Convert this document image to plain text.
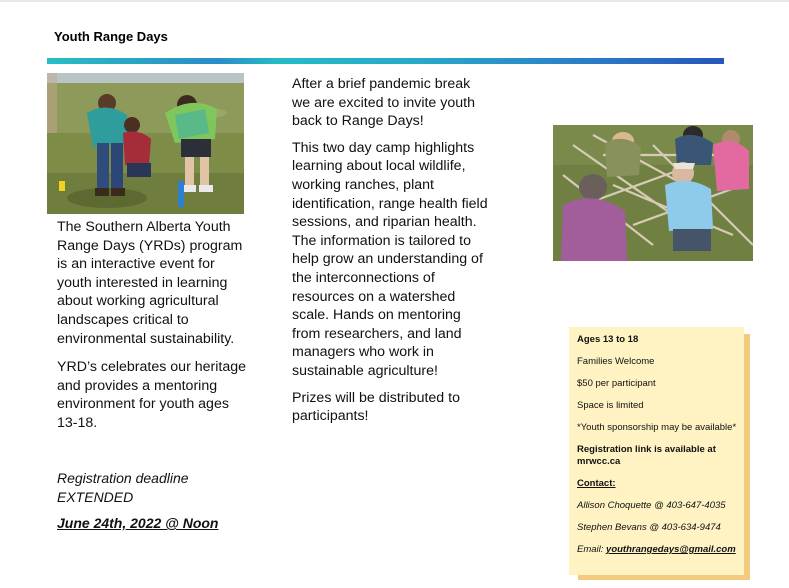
Youth Range Days

The Southern Alberta Youth Range Days (YRDs) program is an interactive event for youth interested in learning about working agricultural landscapes critical to environmental sustainability.

YRD’s celebrates our heritage and provides a mentoring environment for youth ages 13-18.

Registration deadline
EXTENDED
June 24th, 2022 @ Noon

After a brief pandemic break we are excited to invite youth back to Range Days!

This two day camp highlights learning about local wildlife, working ranches, plant identification, range health field sessions, and riparian health. The information is tailored to help grow an understanding of the interconnections of resources on a watershed scale. Hands on mentoring from researchers, and land managers who work in sustainable agriculture!

Prizes will be distributed to participants!

Ages 13 to 18
Families Welcome
$50 per participant
Space is limited
*Youth sponsorship may be available*
Registration link is available at mrwcc.ca
Contact:
Allison Choquette @ 403-647-4035
Stephen Bevans @ 403-634-9474
Email: youthrangedays@gmail.com
